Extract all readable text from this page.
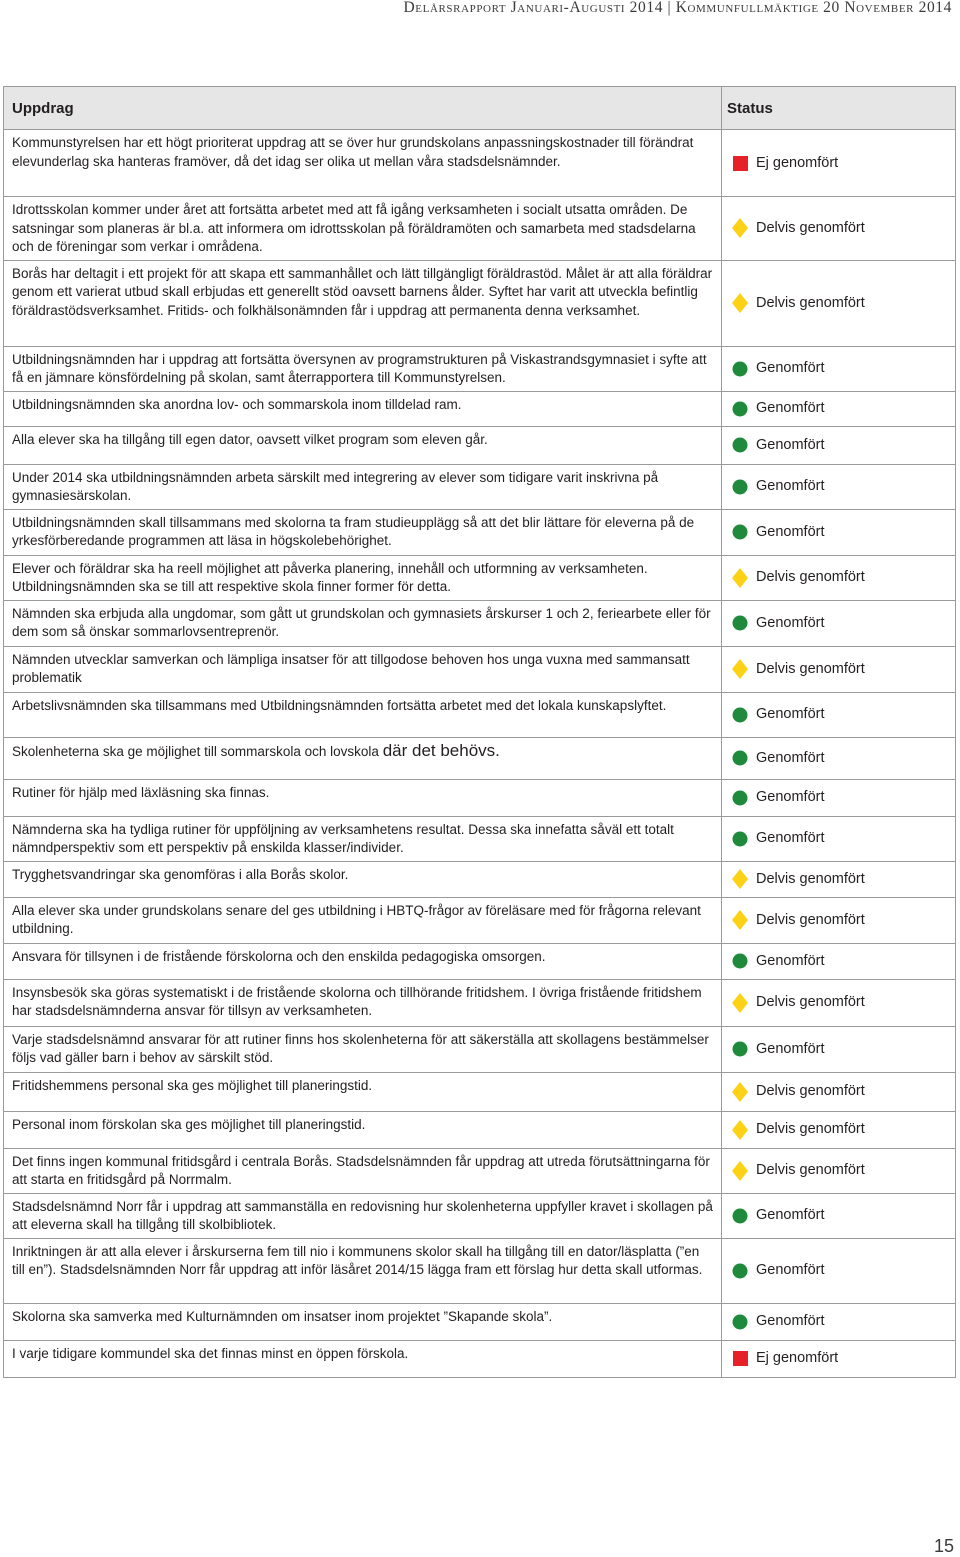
Delårsrapport Januari-Augusti 2014 | Kommunfullmäktige 20 November 2014
Uppdrag	Status
Kommunstyrelsen har ett högt prioriterat uppdrag att se över hur grundskolans anpassningskostnader till förändrat elevunderlag ska hanteras framöver, då det idag ser olika ut mellan våra stadsdelsnämnder.	Ej genomfört

Idrottsskolan kommer under året att fortsätta arbetet med att få igång verksamheten i socialt utsatta områden. De satsningar som planeras är bl.a. att informera om idrottsskolan på föräldramöten och samarbeta med stadsdelarna och de föreningar som verkar i områdena.	Delvis genomfört

Borås har deltagit i ett projekt för att skapa ett sammanhållet och lätt tillgängligt föräldrastöd. Målet är att alla föräldrar genom ett varierat utbud skall erbjudas ett generellt stöd oavsett barnens ålder. Syftet har varit att utveckla befintlig föräldrastödsverksamhet. Fritids- och folkhälsonämnden får i uppdrag att permanenta denna verksamhet.	Delvis genomfört

Utbildningsnämnden har i uppdrag att fortsätta översynen av programstrukturen på Viskastrandsgymnasiet i syfte att få en jämnare könsfördelning på skolan, samt återrapportera till Kommunstyrelsen.	Genomfört

Utbildningsnämnden ska anordna lov- och sommarskola inom tilldelad ram.	Genomfört

Alla elever ska ha tillgång till egen dator, oavsett vilket program som eleven går.	Genomfört

Under 2014 ska utbildningsnämnden arbeta särskilt med integrering av elever som tidigare varit inskrivna på gymnasiesärskolan.	Genomfört

Utbildningsnämnden skall tillsammans med skolorna ta fram studieupplägg så att det blir lättare för eleverna på de yrkesförberedande programmen att läsa in högskolebehörighet.	Genomfört

Elever och föräldrar ska ha reell möjlighet att påverka planering, innehåll och utformning av verksamheten. Utbildningsnämnden ska se till att respektive skola finner former för detta.	Delvis genomfört

Nämnden ska erbjuda alla ungdomar, som gått ut grundskolan och gymnasiets årskurser 1 och 2, feriearbete eller för dem som så önskar sommarlovsentreprenör.	Genomfört

Nämnden utvecklar samverkan och lämpliga insatser för att tillgodose behoven hos unga vuxna med sammansatt problematik	Delvis genomfört

Arbetslivsnämnden ska tillsammans med Utbildningsnämnden fortsätta arbetet med det lokala kunskapslyftet.	Genomfört

Skolenheterna ska ge möjlighet till sommarskola och lovskola där det behövs.	Genomfört

Rutiner för hjälp med läxläsning ska finnas.	Genomfört

Nämnderna ska ha tydliga rutiner för uppföljning av verksamhetens resultat. Dessa ska innefatta såväl ett totalt nämndperspektiv som ett perspektiv på enskilda klasser/individer.	Genomfört

Trygghetsvandringar ska genomföras i alla Borås skolor.	Delvis genomfört

Alla elever ska under grundskolans senare del ges utbildning i HBTQ-frågor av föreläsare med för frågorna relevant utbildning.	Delvis genomfört

Ansvara för tillsynen i de fristående förskolorna och den enskilda pedagogiska omsorgen.	Genomfört

Insynsbesök ska göras systematiskt i de fristående skolorna och tillhörande fritidshem. I övriga fristående fritidshem har stadsdelsnämnderna ansvar för tillsyn av verksamheten.	Delvis genomfört

Varje stadsdelsnämnd ansvarar för att rutiner finns hos skolenheterna för att säkerställa att skollagens bestämmelser följs vad gäller barn i behov av särskilt stöd.	Genomfört

Fritidshemmens personal ska ges möjlighet till planeringstid.	Delvis genomfört

Personal inom förskolan ska ges möjlighet till planeringstid.	Delvis genomfört

Det finns ingen kommunal fritidsgård i centrala Borås. Stadsdelsnämnden får uppdrag att utreda förutsättningarna för att starta en fritidsgård på Norrmalm.	Delvis genomfört

Stadsdelsnämnd Norr får i uppdrag att sammanställa en redovisning hur skolenheterna uppfyller kravet i skollagen på att eleverna skall ha tillgång till skolbibliotek.	Genomfört

Inriktningen är att alla elever i årskurserna fem till nio i kommunens skolor skall ha tillgång till en dator/läsplatta (”en till en”). Stadsdelsnämnden Norr får uppdrag att inför läsåret 2014/15 lägga fram ett förslag hur detta skall utformas.	Genomfört

Skolorna ska samverka med Kulturnämnden om insatser inom projektet ”Skapande skola”.	Genomfört

I varje tidigare kommundel ska det finnas minst en öppen förskola.	Ej genomfört
15
